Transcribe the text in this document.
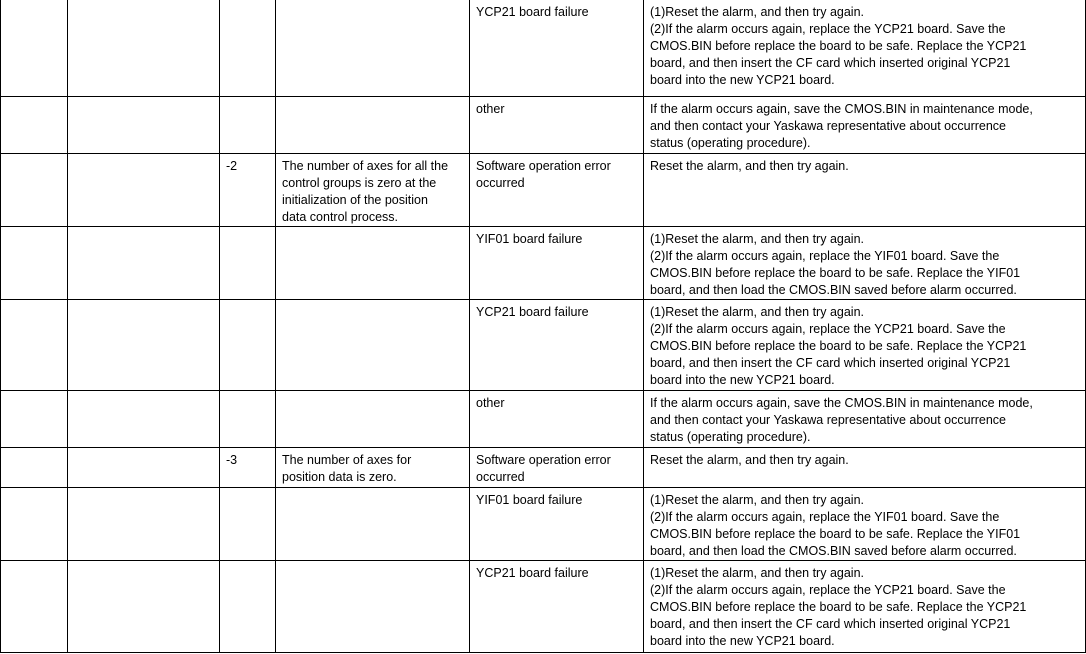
				YCP21 board failure	(1)Reset the alarm, and then try again.
(2)If the alarm occurs again, replace the YCP21 board. Save the
CMOS.BIN before replace the board to be safe. Replace the YCP21
board, and then insert the CF card which inserted original YCP21
board into the new YCP21 board.
				other	If the alarm occurs again, save the CMOS.BIN in maintenance mode,
and then contact your Yaskawa representative about occurrence
status (operating procedure).
		-2	The number of axes for all the
control groups is zero at the
initialization of the position
data control process.	Software operation error
occurred	Reset the alarm, and then try again.
				YIF01 board failure	(1)Reset the alarm, and then try again.
(2)If the alarm occurs again, replace the YIF01 board. Save the
CMOS.BIN before replace the board to be safe. Replace the YIF01
board, and then load the CMOS.BIN saved before alarm occurred.
				YCP21 board failure	(1)Reset the alarm, and then try again.
(2)If the alarm occurs again, replace the YCP21 board. Save the
CMOS.BIN before replace the board to be safe. Replace the YCP21
board, and then insert the CF card which inserted original YCP21
board into the new YCP21 board.
				other	If the alarm occurs again, save the CMOS.BIN in maintenance mode,
and then contact your Yaskawa representative about occurrence
status (operating procedure).
		-3	The number of axes for
position data is zero.	Software operation error
occurred	Reset the alarm, and then try again.
				YIF01 board failure	(1)Reset the alarm, and then try again.
(2)If the alarm occurs again, replace the YIF01 board. Save the
CMOS.BIN before replace the board to be safe. Replace the YIF01
board, and then load the CMOS.BIN saved before alarm occurred.
				YCP21 board failure	(1)Reset the alarm, and then try again.
(2)If the alarm occurs again, replace the YCP21 board. Save the
CMOS.BIN before replace the board to be safe. Replace the YCP21
board, and then insert the CF card which inserted original YCP21
board into the new YCP21 board.
